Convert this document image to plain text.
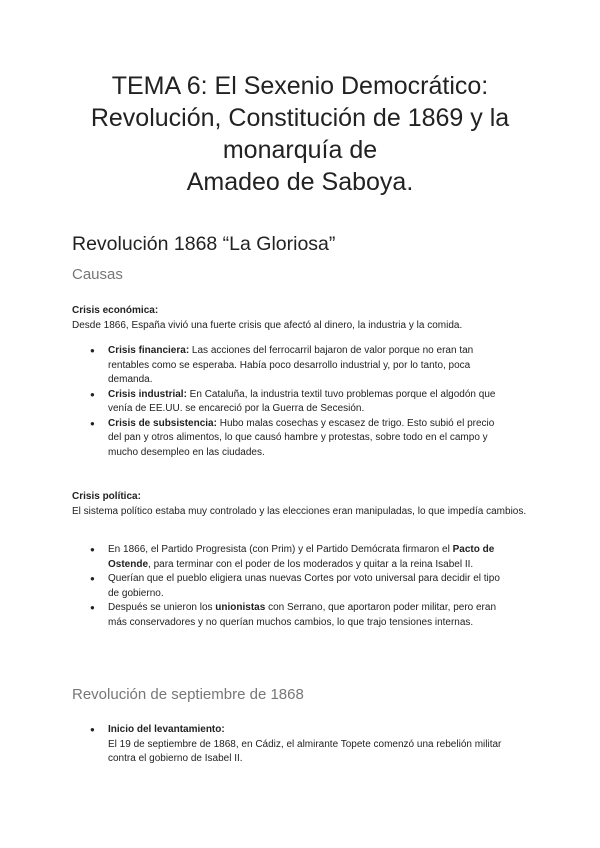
TEMA 6: El Sexenio Democrático:
Revolución, Constitución de 1869 y la
monarquía de
Amadeo de Saboya.
Revolución 1868 “La Gloriosa”
Causas
Crisis económica:
Desde 1866, España vivió una fuerte crisis que afectó al dinero, la industria y la comida.
● Crisis financiera: Las acciones del ferrocarril bajaron de valor porque no eran tan rentables como se esperaba. Había poco desarrollo industrial y, por lo tanto, poca demanda.
● Crisis industrial: En Cataluña, la industria textil tuvo problemas porque el algodón que venía de EE.UU. se encareció por la Guerra de Secesión.
● Crisis de subsistencia: Hubo malas cosechas y escasez de trigo. Esto subió el precio del pan y otros alimentos, lo que causó hambre y protestas, sobre todo en el campo y mucho desempleo en las ciudades.
Crisis política:
El sistema político estaba muy controlado y las elecciones eran manipuladas, lo que impedía cambios.
● En 1866, el Partido Progresista (con Prim) y el Partido Demócrata firmaron el Pacto de Ostende, para terminar con el poder de los moderados y quitar a la reina Isabel II.
● Querían que el pueblo eligiera unas nuevas Cortes por voto universal para decidir el tipo de gobierno.
● Después se unieron los unionistas con Serrano, que aportaron poder militar, pero eran más conservadores y no querían muchos cambios, lo que trajo tensiones internas.
Revolución de septiembre de 1868
● Inicio del levantamiento:
El 19 de septiembre de 1868, en Cádiz, el almirante Topete comenzó una rebelión militar contra el gobierno de Isabel II.
